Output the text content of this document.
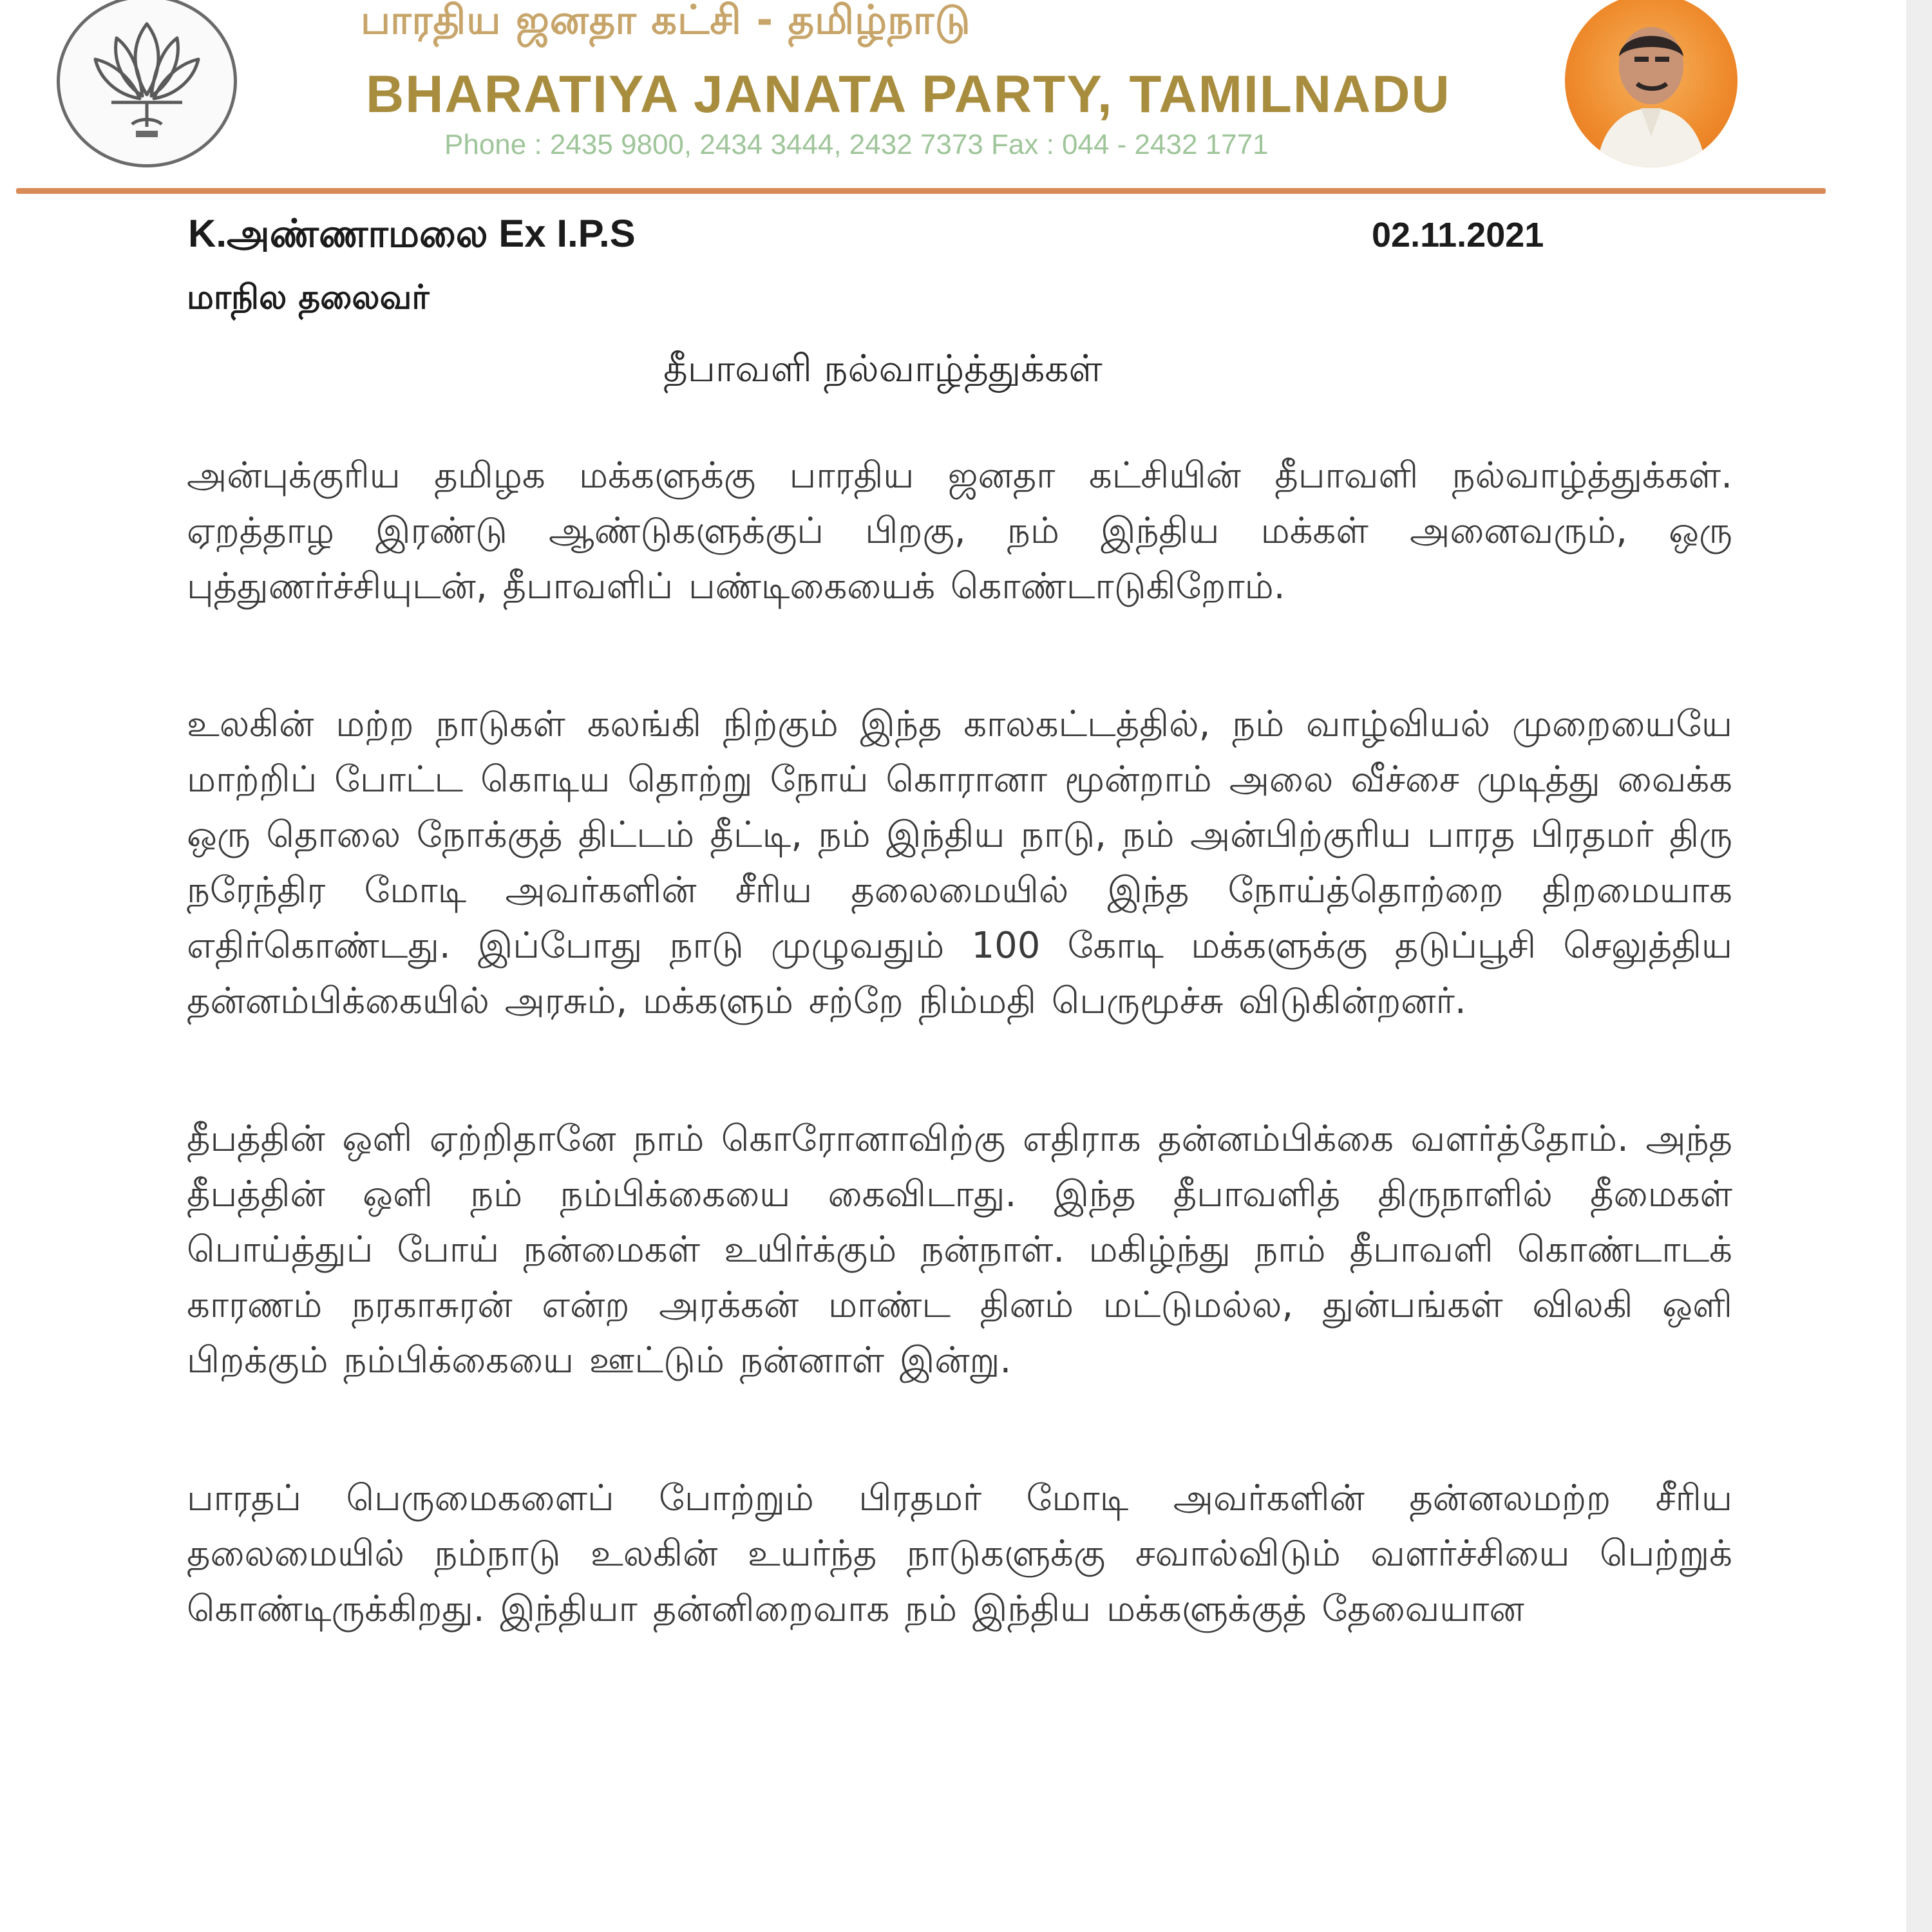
பாரதிய ஜனதா கட்சி - தமிழ்நாடு
BHARATIYA JANATA PARTY, TAMILNADU
Phone : 2435 9800, 2434 3444, 2432 7373 Fax : 044 - 2432 1771
K.அண்ணாமலை Ex I.P.S	02.11.2021
மாநில தலைவர்
தீபாவளி நல்வாழ்த்துக்கள்

அன்புக்குரிய தமிழக மக்களுக்கு பாரதிய ஜனதா கட்சியின் தீபாவளி நல்வாழ்த்துக்கள். ஏறத்தாழ இரண்டு ஆண்டுகளுக்குப் பிறகு, நம் இந்திய மக்கள் அனைவரும், ஒரு புத்துணர்ச்சியுடன், தீபாவளிப் பண்டிகையைக் கொண்டாடுகிறோம்.

உலகின் மற்ற நாடுகள் கலங்கி நிற்கும் இந்த காலகட்டத்தில், நம் வாழ்வியல் முறையையே மாற்றிப் போட்ட கொடிய தொற்று நோய் கொரானா மூன்றாம் அலை வீச்சை முடித்து வைக்க ஒரு தொலை நோக்குத் திட்டம் தீட்டி, நம் இந்திய நாடு, நம் அன்பிற்குரிய பாரத பிரதமர் திரு நரேந்திர மோடி அவர்களின் சீரிய தலைமையில் இந்த நோய்த்தொற்றை திறமையாக எதிர்கொண்டது. இப்போது நாடு முழுவதும் 100 கோடி மக்களுக்கு தடுப்பூசி செலுத்திய தன்னம்பிக்கையில் அரசும், மக்களும் சற்றே நிம்மதி பெருமூச்சு விடுகின்றனர்.

தீபத்தின் ஒளி ஏற்றிதானே நாம் கொரோனாவிற்கு எதிராக தன்னம்பிக்கை வளர்த்தோம். அந்த தீபத்தின் ஒளி நம் நம்பிக்கையை கைவிடாது. இந்த தீபாவளித் திருநாளில் தீமைகள் பொய்த்துப் போய் நன்மைகள் உயிர்க்கும் நன்நாள். மகிழ்ந்து நாம் தீபாவளி கொண்டாடக் காரணம் நரகாசுரன் என்ற அரக்கன் மாண்ட தினம் மட்டுமல்ல, துன்பங்கள் விலகி ஒளி பிறக்கும் நம்பிக்கையை ஊட்டும் நன்னாள் இன்று.

பாரதப் பெருமைகளைப் போற்றும் பிரதமர் மோடி அவர்களின் தன்னலமற்ற சீரிய தலைமையில் நம்நாடு உலகின் உயர்ந்த நாடுகளுக்கு சவால்விடும் வளர்ச்சியை பெற்றுக் கொண்டிருக்கிறது. இந்தியா தன்னிறைவாக நம் இந்திய மக்களுக்குத் தேவையான
